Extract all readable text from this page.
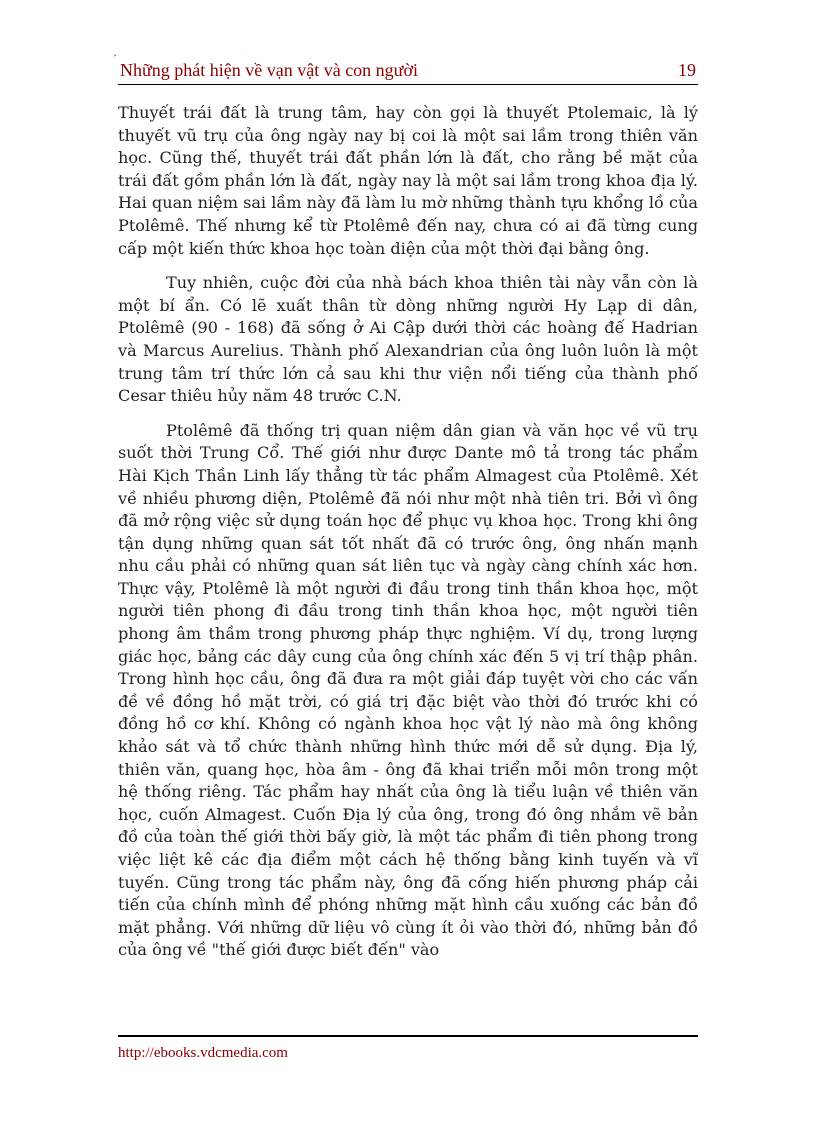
´
Những phát hiện về vạn vật và con người	19

Thuyết trái đất là trung tâm, hay còn gọi là thuyết Ptolemaic, là lý thuyết vũ trụ của ông ngày nay bị coi là một sai lầm trong thiên văn học. Cũng thế, thuyết trái đất phần lớn là đất, cho rằng bề mặt của trái đất gồm phần lớn là đất, ngày nay là một sai lầm trong khoa địa lý. Hai quan niệm sai lầm này đã làm lu mờ những thành tựu khổng lồ của Ptolêmê. Thế nhưng kể từ Ptolêmê đến nay, chưa có ai đã từng cung cấp một kiến thức khoa học toàn diện của một thời đại bằng ông.

Tuy nhiên, cuộc đời của nhà bách khoa thiên tài này vẫn còn là một bí ẩn. Có lẽ xuất thân từ dòng những người Hy Lạp di dân, Ptolêmê (90 - 168) đã sống ở Ai Cập dưới thời các hoàng đế Hadrian và Marcus Aurelius. Thành phố Alexandrian của ông luôn luôn là một trung tâm trí thức lớn cả sau khi thư viện nổi tiếng của thành phố Cesar thiêu hủy năm 48 trước C.N.

Ptolêmê đã thống trị quan niệm dân gian và văn học về vũ trụ suốt thời Trung Cổ. Thế giới như được Dante mô tả trong tác phẩm Hài Kịch Thần Linh lấy thẳng từ tác phẩm Almagest của Ptolêmê. Xét về nhiều phương diện, Ptolêmê đã nói như một nhà tiên tri. Bởi vì ông đã mở rộng việc sử dụng toán học để phục vụ khoa học. Trong khi ông tận dụng những quan sát tốt nhất đã có trước ông, ông nhấn mạnh nhu cầu phải có những quan sát liên tục và ngày càng chính xác hơn. Thực vậy, Ptolêmê là một người đi đầu trong tinh thần khoa học, một người tiên phong đi đầu trong tinh thần khoa học, một người tiên phong âm thầm trong phương pháp thực nghiệm. Ví dụ, trong lượng giác học, bảng các dây cung của ông chính xác đến 5 vị trí thập phân. Trong hình học cầu, ông đã đưa ra một giải đáp tuyệt vời cho các vấn đề về đồng hồ mặt trời, có giá trị đặc biệt vào thời đó trước khi có đồng hồ cơ khí. Không có ngành khoa học vật lý nào mà ông không khảo sát và tổ chức thành những hình thức mới dễ sử dụng. Địa lý, thiên văn, quang học, hòa âm - ông đã khai triển mỗi môn trong một hệ thống riêng. Tác phẩm hay nhất của ông là tiểu luận về thiên văn học, cuốn Almagest. Cuốn Địa lý của ông, trong đó ông nhắm vẽ bản đồ của toàn thế giới thời bấy giờ, là một tác phẩm đi tiên phong trong việc liệt kê các địa điểm một cách hệ thống bằng kinh tuyến và vĩ tuyến. Cũng trong tác phẩm này, ông đã cống hiến phương pháp cải tiến của chính mình để phóng những mặt hình cầu xuống các bản đồ mặt phẳng. Với những dữ liệu vô cùng ít ỏi vào thời đó, những bản đồ của ông về "thế giới được biết đến" vào

http://ebooks.vdcmedia.com
